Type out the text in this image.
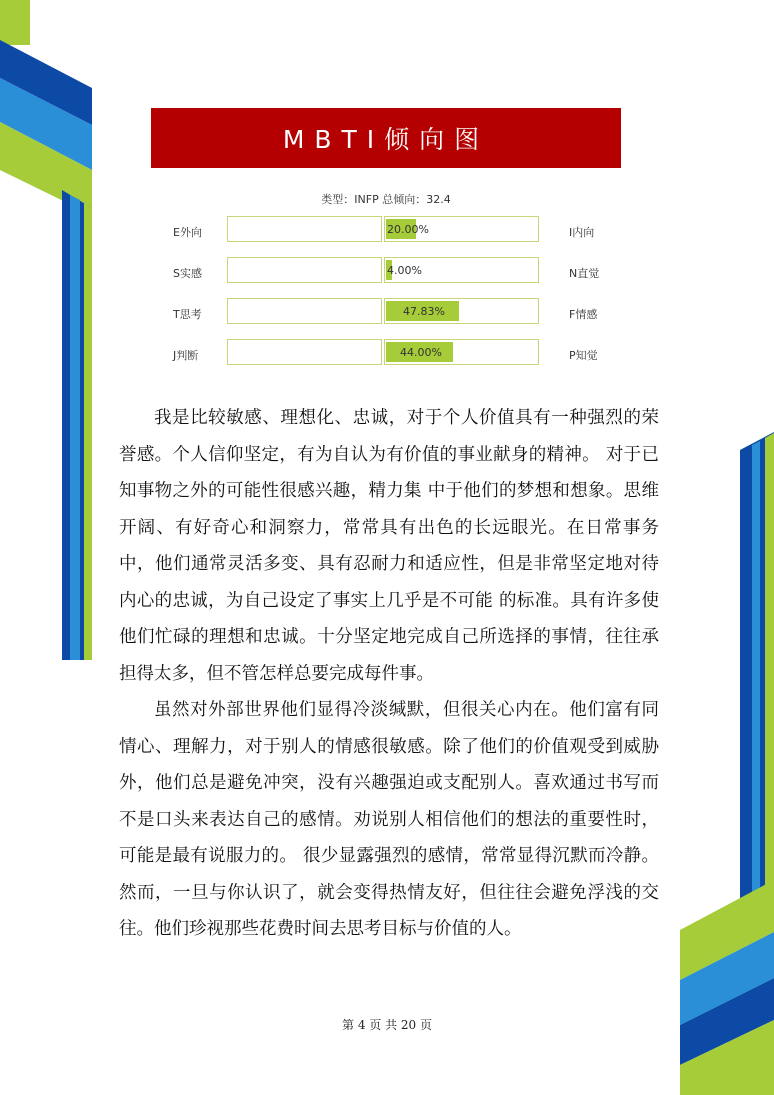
MBTI倾向图
类型：INFP 总倾向：32.4
E外向	20.00%	I内向
S实感	4.00%	N直觉
T思考	47.83%	F情感
J判断	44.00%	P知觉

我是比较敏感、理想化、忠诚，对于个人价值具有一种强烈的荣誉感。个人信仰坚定，有为自认为有价值的事业献身的精神。 对于已知事物之外的可能性很感兴趣，精力集 中于他们的梦想和想象。思维开阔、有好奇心和洞察力，常常具有出色的长远眼光。在日常事务中，他们通常灵活多变、具有忍耐力和适应性，但是非常坚定地对待内心的忠诚，为自己设定了事实上几乎是不可能 的标准。具有许多使他们忙碌的理想和忠诚。十分坚定地完成自己所选择的事情，往往承担得太多，但不管怎样总要完成每件事。

虽然对外部世界他们显得冷淡缄默，但很关心内在。他们富有同情心、理解力，对于别人的情感很敏感。除了他们的价值观受到威胁外，他们总是避免冲突，没有兴趣强迫或支配别人。喜欢通过书写而不是口头来表达自己的感情。劝说别人相信他们的想法的重要性时，可能是最有说服力的。 很少显露强烈的感情，常常显得沉默而冷静。然而，一旦与你认识了，就会变得热情友好，但往往会避免浮浅的交往。他们珍视那些花费时间去思考目标与价值的人。

第 4 页 共 20 页
